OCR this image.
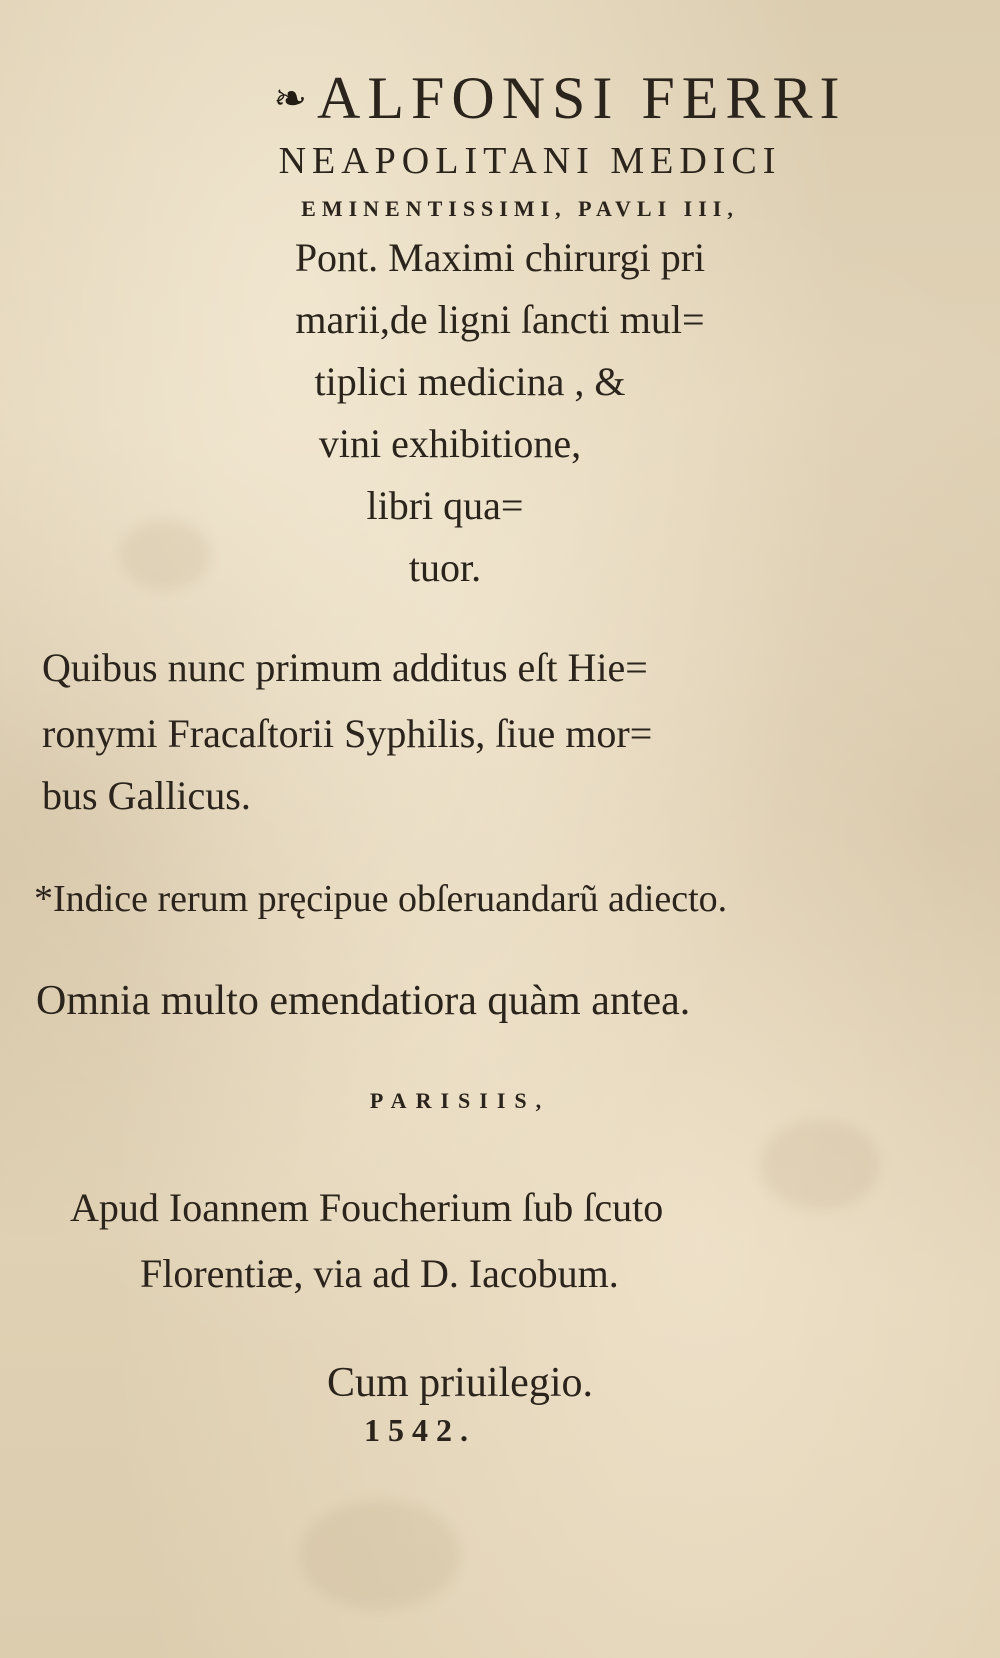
❧ ALFONSI FERRI
NEAPOLITANI MEDICI
EMINENTISSIMI, PAVLI III,
Pont. Maximi chirurgi pri
marii,de ligni ſancti mul=
tiplici medicina , &
vini exhibitione,
libri qua=
tuor.
Quibus nunc primum additus eſt Hie=
ronymi Fracaſtorii Syphilis, ſiue mor=
bus Gallicus.
*Indice rerum pręcipue obſeruandarũ adiecto.
Omnia multo emendatiora quàm antea.
PARISIIS,
Apud Ioannem Foucherium ſub ſcuto
Florentiæ, via ad D. Iacobum.
Cum priuilegio.
1542.
